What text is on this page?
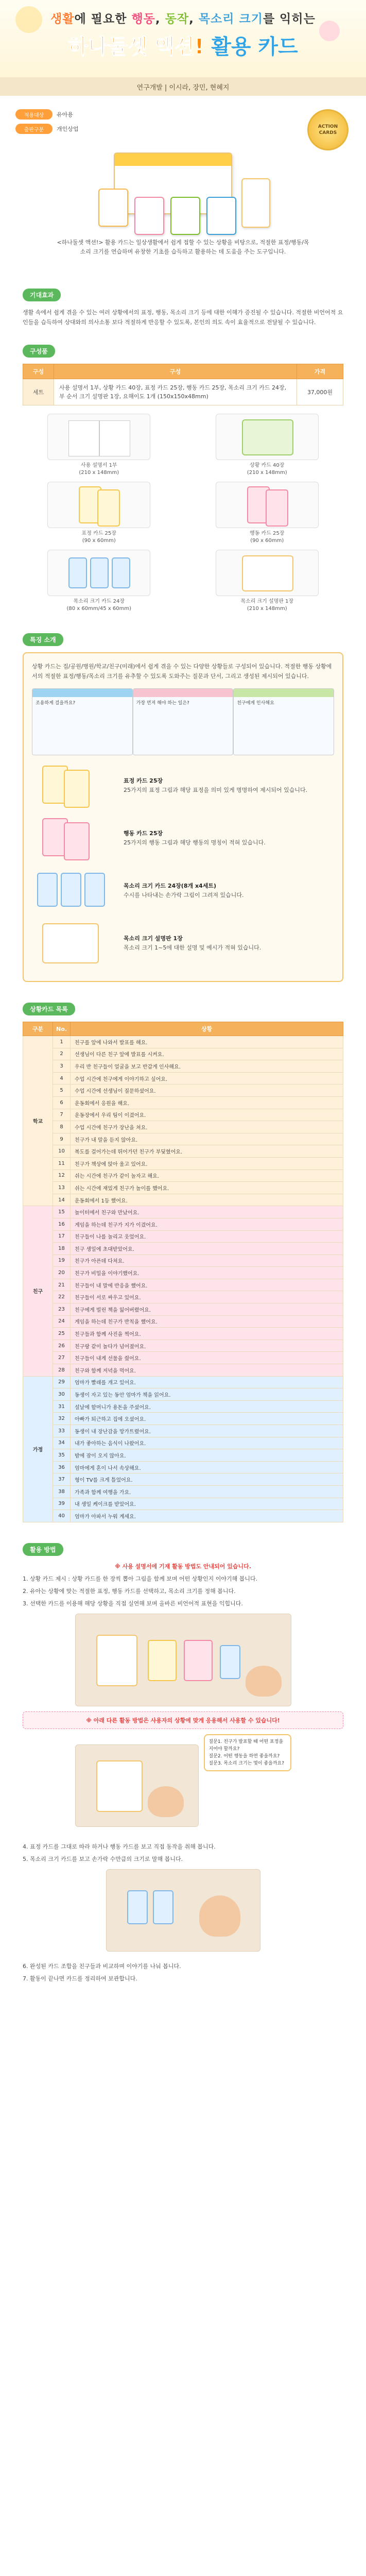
생활에 필요한 행동, 동작, 목소리 크기를 익히는
하나둘셋 액션! 활용 카드
연구개발 | 이시라, 장민, 현혜지
적용대상	유아용
출판구분	개인상업	ACTION CARDS
<하나둘셋 액션!> 활용 카드는 일상생활에서 쉽게 접할 수 있는 상황을 비탕으로, 적절한 표정/행동/목소리 크기를 연습하며 유창한 기초를 습득하고 활용하는 데 도움을 주는 도구입니다.
기대효과
생활 속에서 쉽게 겪을 수 있는 여러 상황에서의 표정, 행동, 목소리 크기 등에 대한 이해가 증진될 수 있습니다. 적절한 비언어적 요인들을 습득하여 상대와의 의사소통 보다 적절하게 반응할 수 있도록, 본인의 의도 속이 효율적으로 전달될 수 있습니다.
구성품
구성	구성	가격
세트	사용 설명서 1부, 상황 카드 40장, 표정 카드 25장, 행동 카드 25장, 목소리 크기 카드 24장, 부 순서 크기 설명판 1장, 요해이도 1개 (150x150x48mm)	37,000원
사용 설명서 1부
(210 x 148mm)
상황 카드 40장
(210 x 148mm)
표정 카드 25장
(90 x 60mm)
행동 카드 25장
(90 x 60mm)
목소리 크기 카드 24장
(80 x 60mm/45 x 60mm)
목소리 크기 설명판 1장
(210 x 148mm)
특징 소개
상황 카드는 집/공원/병원/학교/친구(미래)에서 쉽게 겪을 수 있는 다양한 상황들로 구성되어 있습니다. 적절한 행동 상황에서의 적절한 표정/행동/목소리 크기를 유추할 수 있도록 도와주는 질문과 단서, 그리고 생성된 제시되어 있습니다.
조용하게 걸을까요?	가장 먼저 해야 하는 일은?	친구에게 인사해요
표정 카드 25장
25가지의 표정 그림과 해당 표정을 의미 있게 명명하여 제시되어 있습니다.
행동 카드 25장
25가지의 행동 그림과 해당 행동의 명칭이 적혀 있습니다.
목소리 크기 카드 24장(8개 x4세트)
수시를 나타내는 손가락 그림이 그려져 있습니다.
목소리 크기 설명판 1장
목소리 크기 1~5에 대한 설명 및 예시가 적혀 있습니다.
상황카드 목록
구분	No.	상황
학교	1	친구를 앞에 나와서 발표를 해요.
	2	선생님이 다른 친구 앞에 발표를 시켜요.
	3	우리 반 친구들이 얼굴을 보고 반갑게 인사해요.
	4	수업 시간에 친구에게 이야기하고 싶어요.
	5	수업 시간에 선생님이 질문하셨어요.
	6	운동회에서 응원을 해요.
	7	운동장에서 우리 팀이 이겼어요.
	8	수업 시간에 친구가 장난을 쳐요.
	9	친구가 내 말을 듣지 않아요.
	10	복도를 걸어가는데 뛰어가던 친구가 부딪혔어요.
	11	친구가 책상에 앉아 울고 있어요.
	12	쉬는 시간에 친구가 같이 놀자고 해요.
	13	쉬는 시간에 재밌게 친구가 놀이를 했어요.
	14	운동회에서 1등 했어요.
친구	15	놀이터에서 친구와 만났어요.
	16	게임을 하는데 친구가 지가 이겼어요.
	17	친구들이 나를 놀리고 웃었어요.
	18	친구 생일에 초대받았어요.
	19	친구가 아픈데 다쳐요.
	20	친구가 비밀을 이야기했어요.
	21	친구들이 내 말에 반응을 했어요.
	22	친구들이 서로 싸우고 있어요.
	23	친구에게 빌린 책을 잃어버렸어요.
	24	게임을 하는데 친구가 반칙을 했어요.
	25	친구들과 함께 사진을 찍어요.
	26	친구랑 같이 놀다가 넘어졌어요.
	27	친구들이 내게 선물을 줬어요.
	28	친구와 함께 저녁을 먹어요.
가정	29	엄마가 빨래를 개고 있어요.
	30	동생이 자고 있는 동안 엄마가 책을 읽어요.
	31	설날에 할머니가 용돈을 주셨어요.
	32	아빠가 퇴근하고 집에 오셨어요.
	33	동생이 내 장난감을 망가트렸어요.
	34	내가 좋아하는 음식이 나왔어요.
	35	밤에 잠이 오지 않아요.
	36	엄마에게 혼이 나서 속상해요.
	37	형이 TV를 크게 틀었어요.
	38	가족과 함께 여행을 가요.
	39	내 생일 케이크를 받았어요.
	40	엄마가 아파서 누워 계세요.
활용 방법

※ 사용 설명서에 기재 활동 방법도 안내되어 있습니다.

1. 상황 카드 제시 : 상황 카드를 한 장씩 뽑아 그림을 함께 보며 어떤 상황인지 이야기해 봅니다.

2. 유아는 상황에 맞는 적절한 표정, 행동 카드를 선택하고, 목소리 크기를 정해 봅니다.

3. 선택한 카드를 이용해 해당 상황을 직접 실연해 보며 올바른 비언어적 표현을 익힙니다.

※ 아래 다른 활동 방법은 사용자의 상황에 맞게 응용해서 사용할 수 있습니다!
질문1. 친구가 발표할 때 어떤 표정을 지어야 할까요?
질문2. 어떤 행동을 하면 좋을까요?
질문3. 목소리 크기는 몇이 좋을까요?

4. 표정 카드를 그대로 따라 하거나 행동 카드를 보고 직접 동작을 취해 봅니다.

5. 목소리 크기 카드를 보고 손가락 수만큼의 크기로 말해 봅니다.

6. 완성된 카드 조합을 친구들과 비교하며 이야기를 나눠 봅니다.

7. 활동이 끝나면 카드를 정리하여 보관합니다.
